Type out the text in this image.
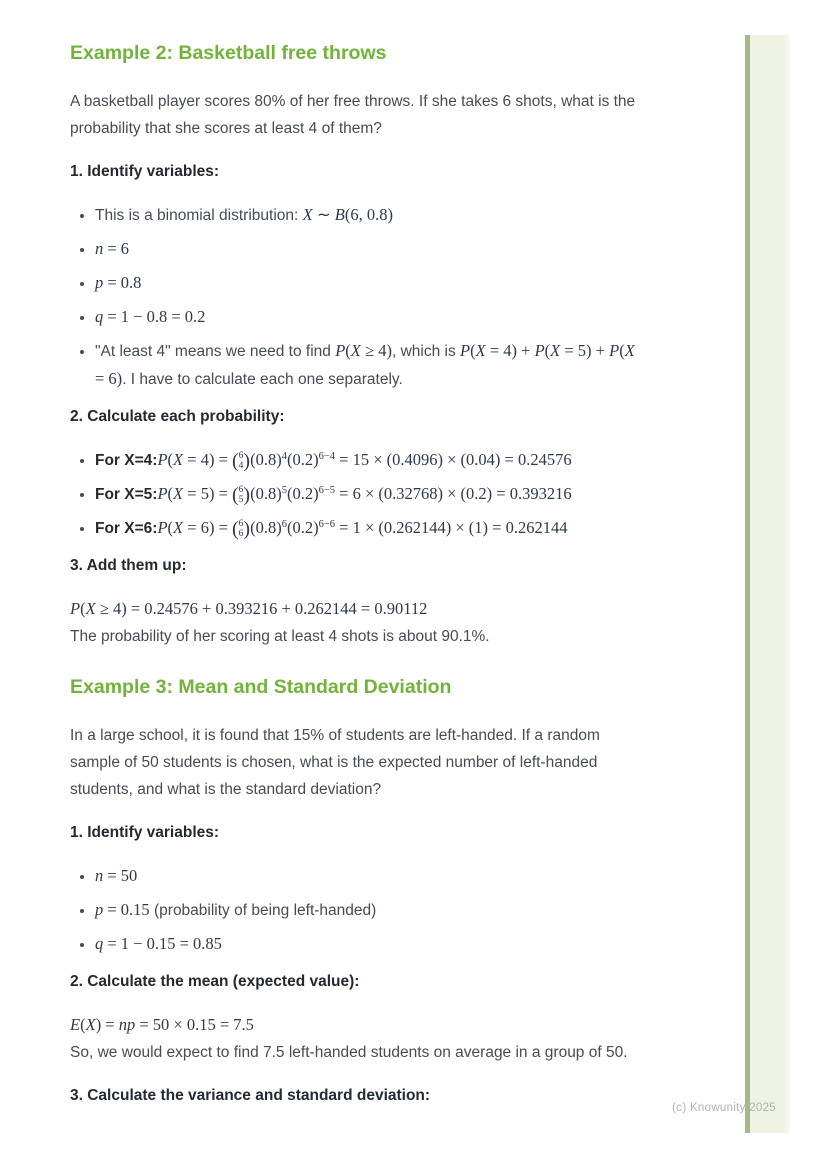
Example 2: Basketball free throws

A basketball player scores 80% of her free throws. If she takes 6 shots, what is the probability that she scores at least 4 of them?

1. Identify variables:

• This is a binomial distribution: X ∼ B(6, 0.8)
• n = 6
• p = 0.8
• q = 1 − 0.8 = 0.2
• "At least 4" means we need to find P(X ≥ 4), which is P(X = 4) + P(X = 5) + P(X = 6). I have to calculate each one separately.

2. Calculate each probability:

• For X=4:P(X = 4) = ( 6
4 ) $(0.8)^4(0.2)^{6-4} = 15 \times (0.4096) \times (0.04) = 0.24576$
• For X=5:P(X = 5) = ( 6
5 ) $(0.8)^5(0.2)^{6-5} = 6 \times (0.32768) \times (0.2) = 0.393216$
• For X=6:P(X = 6) = ( 6
6 ) $(0.8)^6(0.2)^{6-6} = 1 \times (0.262144) \times (1) = 0.262144$

3. Add them up:

P(X ≥ 4) = 0.24576 + 0.393216 + 0.262144 = 0.90112

The probability of her scoring at least 4 shots is about 90.1%.

Example 3: Mean and Standard Deviation

In a large school, it is found that 15% of students are left-handed. If a random sample of 50 students is chosen, what is the expected number of left-handed students, and what is the standard deviation?

1. Identify variables:

• n = 50
• p = 0.15 (probability of being left-handed)
• q = 1 − 0.15 = 0.85

2. Calculate the mean (expected value):

E(X) = np = 50 × 0.15 = 7.5

So, we would expect to find 7.5 left-handed students on average in a group of 50.

3. Calculate the variance and standard deviation:

(c) Knowunity 2025
